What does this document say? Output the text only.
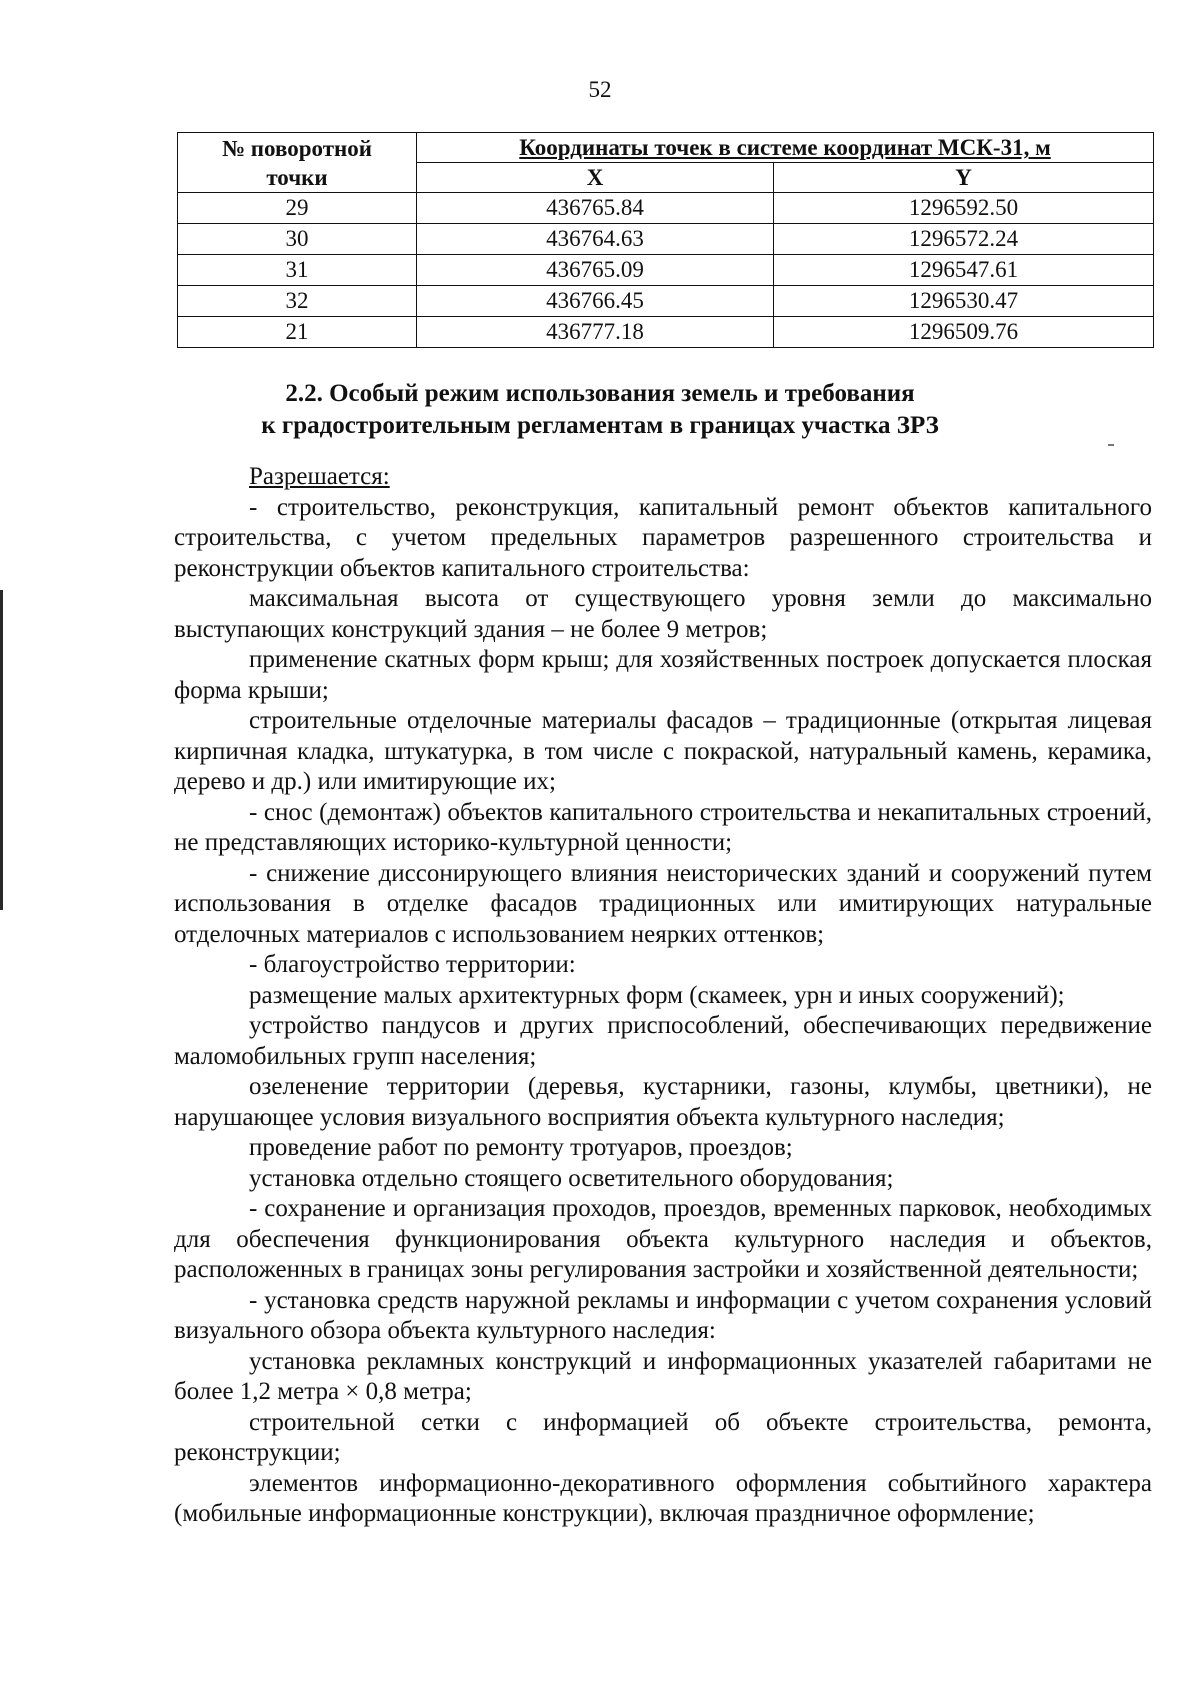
52
№ поворотной
точки	Координаты точек в системе координат МСК-31, м	
	X	Y
29	436765.84	1296592.50
30	436764.63	1296572.24
31	436765.09	1296547.61
32	436766.45	1296530.47
21	436777.18	1296509.76
2.2. Особый режим использования земель и требования
к градостроительным регламентам в границах участка ЗРЗ

Разрешается:

- строительство, реконструкция, капитальный ремонт объектов капитального строительства, с учетом предельных параметров разрешенного строительства и реконструкции объектов капитального строительства:

максимальная высота от существующего уровня земли до максимально выступающих конструкций здания – не более 9 метров;

применение скатных форм крыш; для хозяйственных построек допускается плоская форма крыши;

строительные отделочные материалы фасадов – традиционные (открытая лицевая кирпичная кладка, штукатурка, в том числе с покраской, натуральный камень, керамика, дерево и др.) или имитирующие их;

- снос (демонтаж) объектов капитального строительства и некапитальных строений, не представляющих историко-культурной ценности;

- снижение диссонирующего влияния неисторических зданий и сооружений путем использования в отделке фасадов традиционных или имитирующих натуральные отделочных материалов с использованием неярких оттенков;

- благоустройство территории:

размещение малых архитектурных форм (скамеек, урн и иных сооружений);

устройство пандусов и других приспособлений, обеспечивающих передвижение маломобильных групп населения;

озеленение территории (деревья, кустарники, газоны, клумбы, цветники), не нарушающее условия визуального восприятия объекта культурного наследия;

проведение работ по ремонту тротуаров, проездов;

установка отдельно стоящего осветительного оборудования;

- сохранение и организация проходов, проездов, временных парковок, необходимых для обеспечения функционирования объекта культурного наследия и объектов, расположенных в границах зоны регулирования застройки и хозяйственной деятельности;

- установка средств наружной рекламы и информации с учетом сохранения условий визуального обзора объекта культурного наследия:

установка рекламных конструкций и информационных указателей габаритами не более 1,2 метра × 0,8 метра;

строительной сетки с информацией об объекте строительства, ремонта, реконструкции;

элементов информационно-декоративного оформления событийного характера (мобильные информационные конструкции), включая праздничное оформление;
